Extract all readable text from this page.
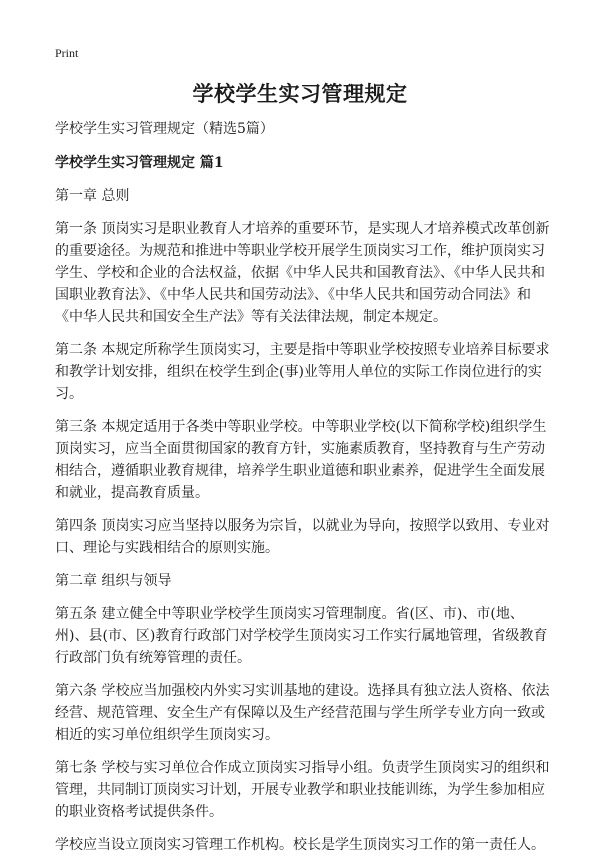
Print
学校学生实习管理规定

学校学生实习管理规定（精选5篇）

学校学生实习管理规定 篇1

第一章 总则

第一条 顶岗实习是职业教育人才培养的重要环节，是实现人才培养模式改革创新的重要途径。为规范和推进中等职业学校开展学生顶岗实习工作，维护顶岗实习学生、学校和企业的合法权益，依据《中华人民共和国教育法》、《中华人民共和国职业教育法》、《中华人民共和国劳动法》、《中华人民共和国劳动合同法》和《中华人民共和国安全生产法》等有关法律法规，制定本规定。

第二条 本规定所称学生顶岗实习，主要是指中等职业学校按照专业培养目标要求和教学计划安排，组织在校学生到企(事)业等用人单位的实际工作岗位进行的实习。

第三条 本规定适用于各类中等职业学校。中等职业学校(以下简称学校)组织学生顶岗实习，应当全面贯彻国家的教育方针，实施素质教育，坚持教育与生产劳动相结合，遵循职业教育规律，培养学生职业道德和职业素养，促进学生全面发展和就业，提高教育质量。

第四条 顶岗实习应当坚持以服务为宗旨，以就业为导向，按照学以致用、专业对口、理论与实践相结合的原则实施。

第二章 组织与领导

第五条 建立健全中等职业学校学生顶岗实习管理制度。省(区、市)、市(地、州)、县(市、区)教育行政部门对学校学生顶岗实习工作实行属地管理，省级教育行政部门负有统筹管理的责任。

第六条 学校应当加强校内外实习实训基地的建设。选择具有独立法人资格、依法经营、规范管理、安全生产有保障以及生产经营范围与学生所学专业方向一致或相近的实习单位组织学生顶岗实习。

第七条 学校与实习单位合作成立顶岗实习指导小组。负责学生顶岗实习的组织和管理，共同制订顶岗实习计划，开展专业教学和职业技能训练，为学生参加相应的职业资格考试提供条件。

学校应当设立顶岗实习管理工作机构。校长是学生顶岗实习工作的第一责任人。
